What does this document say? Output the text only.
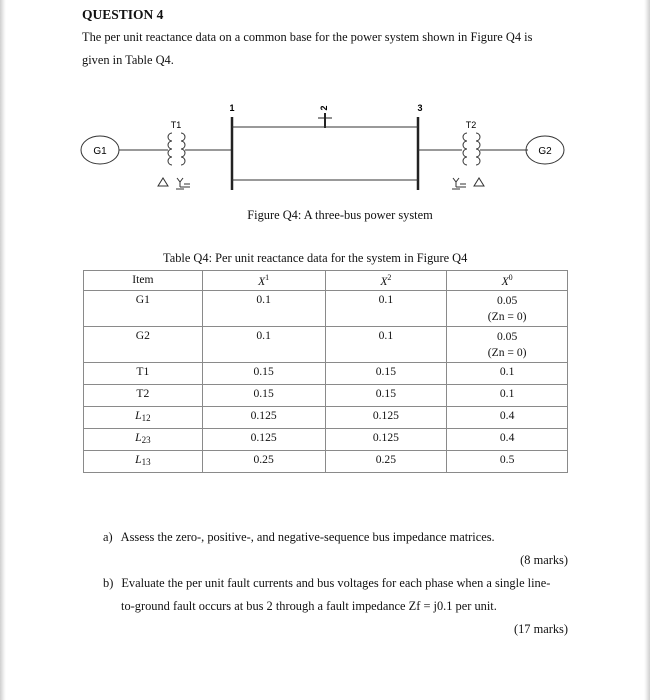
QUESTION 4
The per unit reactance data on a common base for the power system shown in Figure Q4 is
given in Table Q4.
G1
T1
1	2	3
T2
G2
Figure Q4: A three-bus power system
Table Q4: Per unit reactance data for the system in Figure Q4
Item	$X^1$	$X^2$	$X^0$
G1	0.1	0.1	0.05
(Zn = 0)

G2	0.1	0.1	0.05
(Zn = 0)

T1	0.15	0.15	0.1
T2	0.15	0.15	0.1
$L_{12}$	0.125	0.125	0.4
$L_{23}$	0.125	0.125	0.4
$L_{13}$	0.25	0.25	0.5
a) Assess the zero-, positive-, and negative-sequence bus impedance matrices.
(8 marks)
b) Evaluate the per unit fault currents and bus voltages for each phase when a single line-
to-ground fault occurs at bus 2 through a fault impedance Zf = j0.1 per unit.
(17 marks)
